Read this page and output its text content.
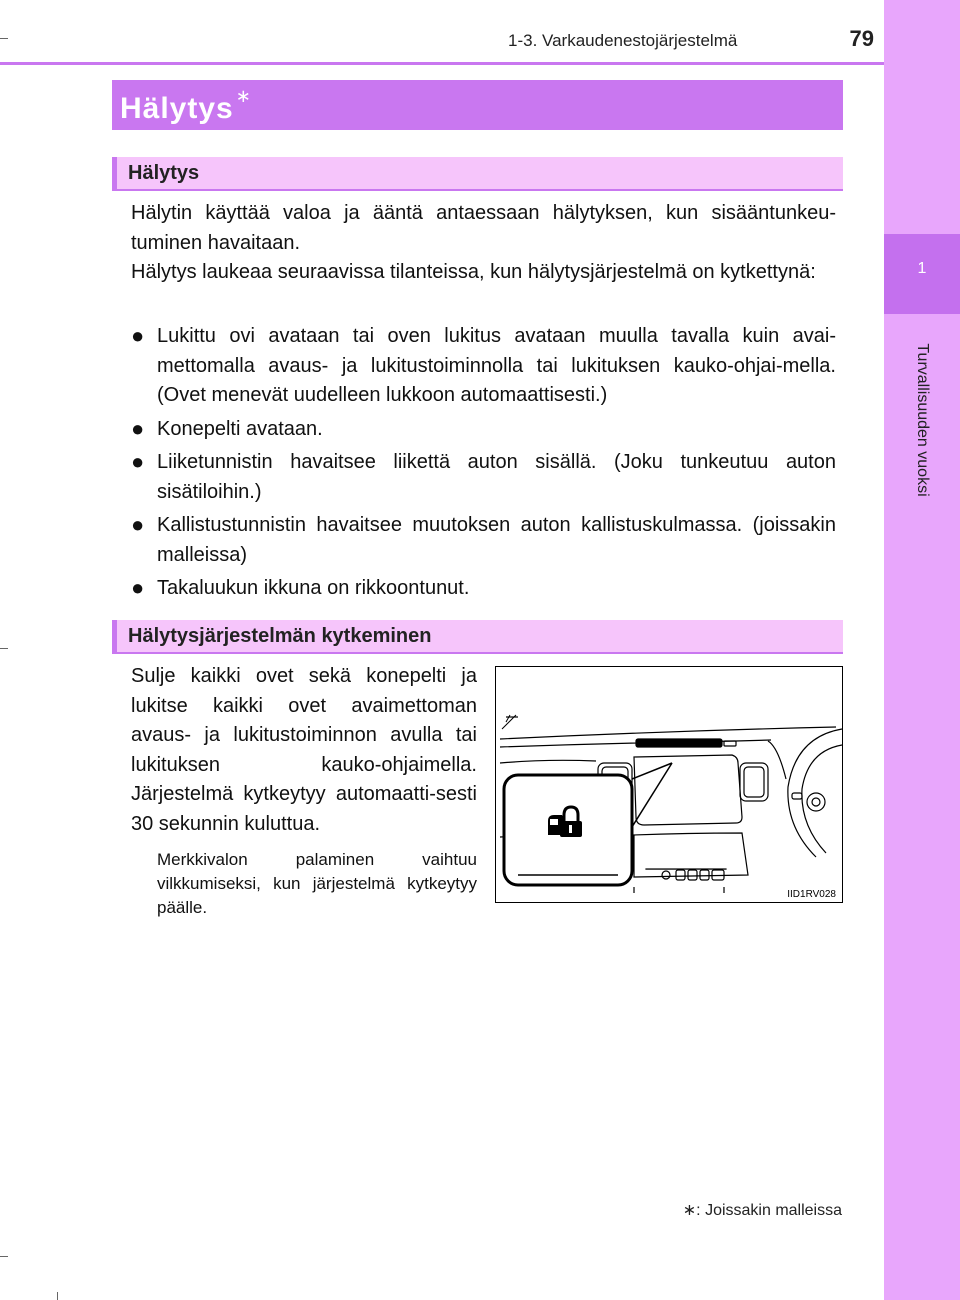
1-3. Varkaudenestojärjestelmä	79
1
Turvallisuuden vuoksi
Hälytys ∗
Hälytys
Hälytin käyttää valoa ja ääntä antaessaan hälytyksen, kun sisääntunkeu-tuminen havaitaan.
Hälytys laukeaa seuraavissa tilanteissa, kun hälytysjärjestelmä on kytkettynä:
● Lukittu ovi avataan tai oven lukitus avataan muulla tavalla kuin avai-mettomalla avaus- ja lukitustoiminnolla tai lukituksen kauko-ohjai-mella. (Ovet menevät uudelleen lukkoon automaattisesti.)
● Konepelti avataan.
● Liiketunnistin havaitsee liikettä auton sisällä. (Joku tunkeutuu auton sisätiloihin.)
● Kallistustunnistin havaitsee muutoksen auton kallistuskulmassa. (joissakin malleissa)
● Takaluukun ikkuna on rikkoontunut.
Hälytysjärjestelmän kytkeminen
Sulje kaikki ovet sekä konepelti ja lukitse kaikki ovet avaimettoman avaus- ja lukitustoiminnon avulla tai lukituksen kauko-ohjaimella. Järjestelmä kytkeytyy automaatti-sesti 30 sekunnin kuluttua.
Merkkivalon palaminen vaihtuu vilkkumiseksi, kun järjestelmä kytkeytyy päälle.
IID1RV028
∗: Joissakin malleissa
